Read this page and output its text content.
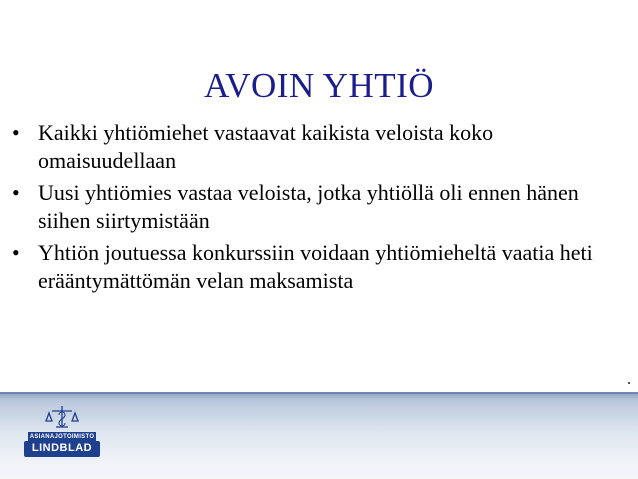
AVOIN YHTIÖ
• Kaikki yhtiömiehet vastaavat kaikista veloista koko omaisuudellaan
• Uusi yhtiömies vastaa veloista, jotka yhtiöllä oli ennen hänen siihen siirtymistään
• Yhtiön joutuessa konkurssiin voidaan yhtiömieheltä vaatia heti erääntymättömän velan maksamista
ASIANAJOTOIMISTO
LINDBLAD
